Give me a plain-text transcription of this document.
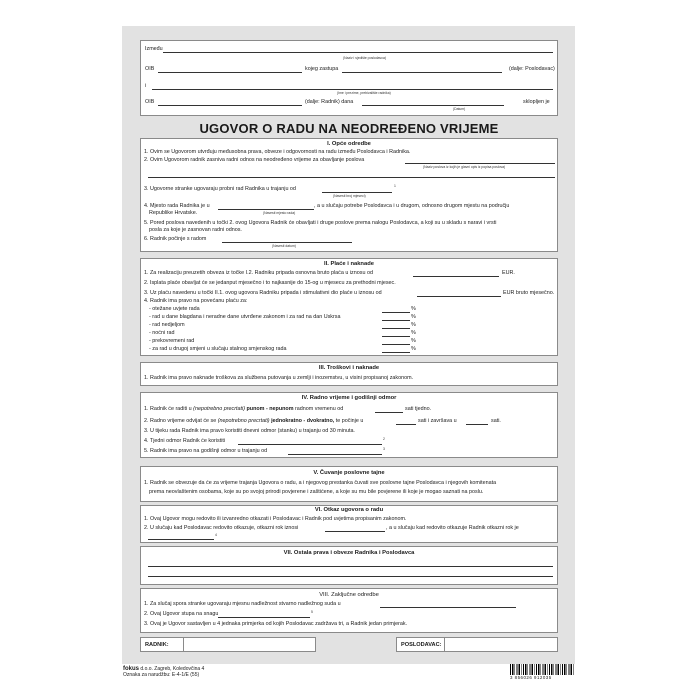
Između
(Naziv i sjedište poslodavca)
OIB	kojeg zastupa	(dalje: Poslodavac)
i
(Ime i prezime, prebivalište radnika)
OIB	(dalje: Radnik) dana
(Datum)
sklopljen je
UGOVOR O RADU NA NEODREĐENO VRIJEME
I. Opće odredbe
1. Ovim se Ugovorom utvrđuju međusobna prava, obveze i odgovornosti na radu između Poslodavca i Radnika.
2. Ovim Ugovorom radnik zasniva radni odnos na neodređeno vrijeme za obavljanje poslova
(Naziv poslova iz kojih je glavni opis iz popisa poslova)
3. Ugovorne stranke ugovaraju probni rad Radnika u trajanju od	1
(Navesti broj mjeseci)
4. Mjesto rada Radnika je u	, a u slučaju potrebe Poslodavca i u drugom, odnosno drugom mjestu na području
Republike Hrvatske.	(Navesti mjesto rada)
5. Pored poslova navedenih u točki 2. ovog Ugovora Radnik će obavljati i druge poslove prema nalogu Poslodavca, a koji su u skladu s naravi i vrsti
posla za koje je zasnovan radni odnos.
6. Radnik počinje s radom
(Navesti datum)
II. Plaće i naknade
1. Za realizaciju preuzetih obveza iz točke I.2. Radniku pripada osnovna bruto plaća u iznosu od	EUR.
2. Isplata plaće obavljat će se jedanput mjesečno i to najkasnije do 15-og u mjesecu za prethodni mjesec.
3. Uz plaću navedenu u točki II.1. ovog ugovora Radniku pripada i stimulativni dio plaće u iznosu od	EUR bruto mjesečno.
4. Radnik ima pravo na povećanu plaću za:
- otežane uvjete rada	%
- rad u dane blagdana i neradne dane utvrđene zakonom i za rad na dan Uskrsa	%
- rad nedjeljom	%
- noćni rad	%
- prekovremeni rad	%
- za rad u drugoj smjeni u slučaju stalnog smjenskog rada	%
III. Troškovi i naknade
1. Radnik ima pravo naknade troškova za službena putovanja u zemlji i inozemstvu, u visini propisanoj zakonom.
IV. Radno vrijeme i godišnji odmor
1. Radnik će raditi u (nepotrebno precrtati) punom - nepunom radnom vremenu od	sati tjedno.
2. Radno vrijeme odvijat će se (nepotrebno precrtati) jednokratno - dvokratno, te počinje u	sati i završava u	sati.
3. U tijeku rada Radnik ima pravo koristiti dnevni odmor (stanku) u trajanju od 30 minuta.
4. Tjedni odmor Radnik će koristiti	2
5. Radnik ima pravo na godišnji odmor u trajanju od	3
V. Čuvanje poslovne tajne
1. Radnik se obvezuje da će za vrijeme trajanja Ugovora o radu, a i njegovog prestanka čuvati sve poslovne tajne Poslodavca i njegovih komitenata
prema neovlaštenim osobama, koje su po svojoj prirodi povjerene i zaštićene, a koje su mu bile povjerene ili koje je mogao saznati na poslu.
VI. Otkaz ugovora o radu
1. Ovaj Ugovor mogu redovito ili izvanredno otkazati i Poslodavac i Radnik pod uvjetima propisanim zakonom.
2. U slučaju kad Poslodavac redovito otkazuje, otkazni rok iznosi	, a u slučaju kad redovito otkazuje Radnik otkazni rok je
4
VII. Ostala prava i obveze Radnika i Poslodavca
VIII. Zaključne odredbe
1. Za slučaj spora stranke ugovaraju mjesnu nadležnost stvarno nadležnog suda u
2. Ovaj Ugovor stupa na snagu	5
3. Ovaj je Ugovor sastavljen u 4 jednaka primjerka od kojih Poslodavac zadržava tri, a Radnik jedan primjerak.
RADNIK:	POSLODAVAC:
fokus d.o.o. Zagreb, Koledovčina 4
Oznaka za narudžbu: E-4-1/E (55)	3 856026 912035
